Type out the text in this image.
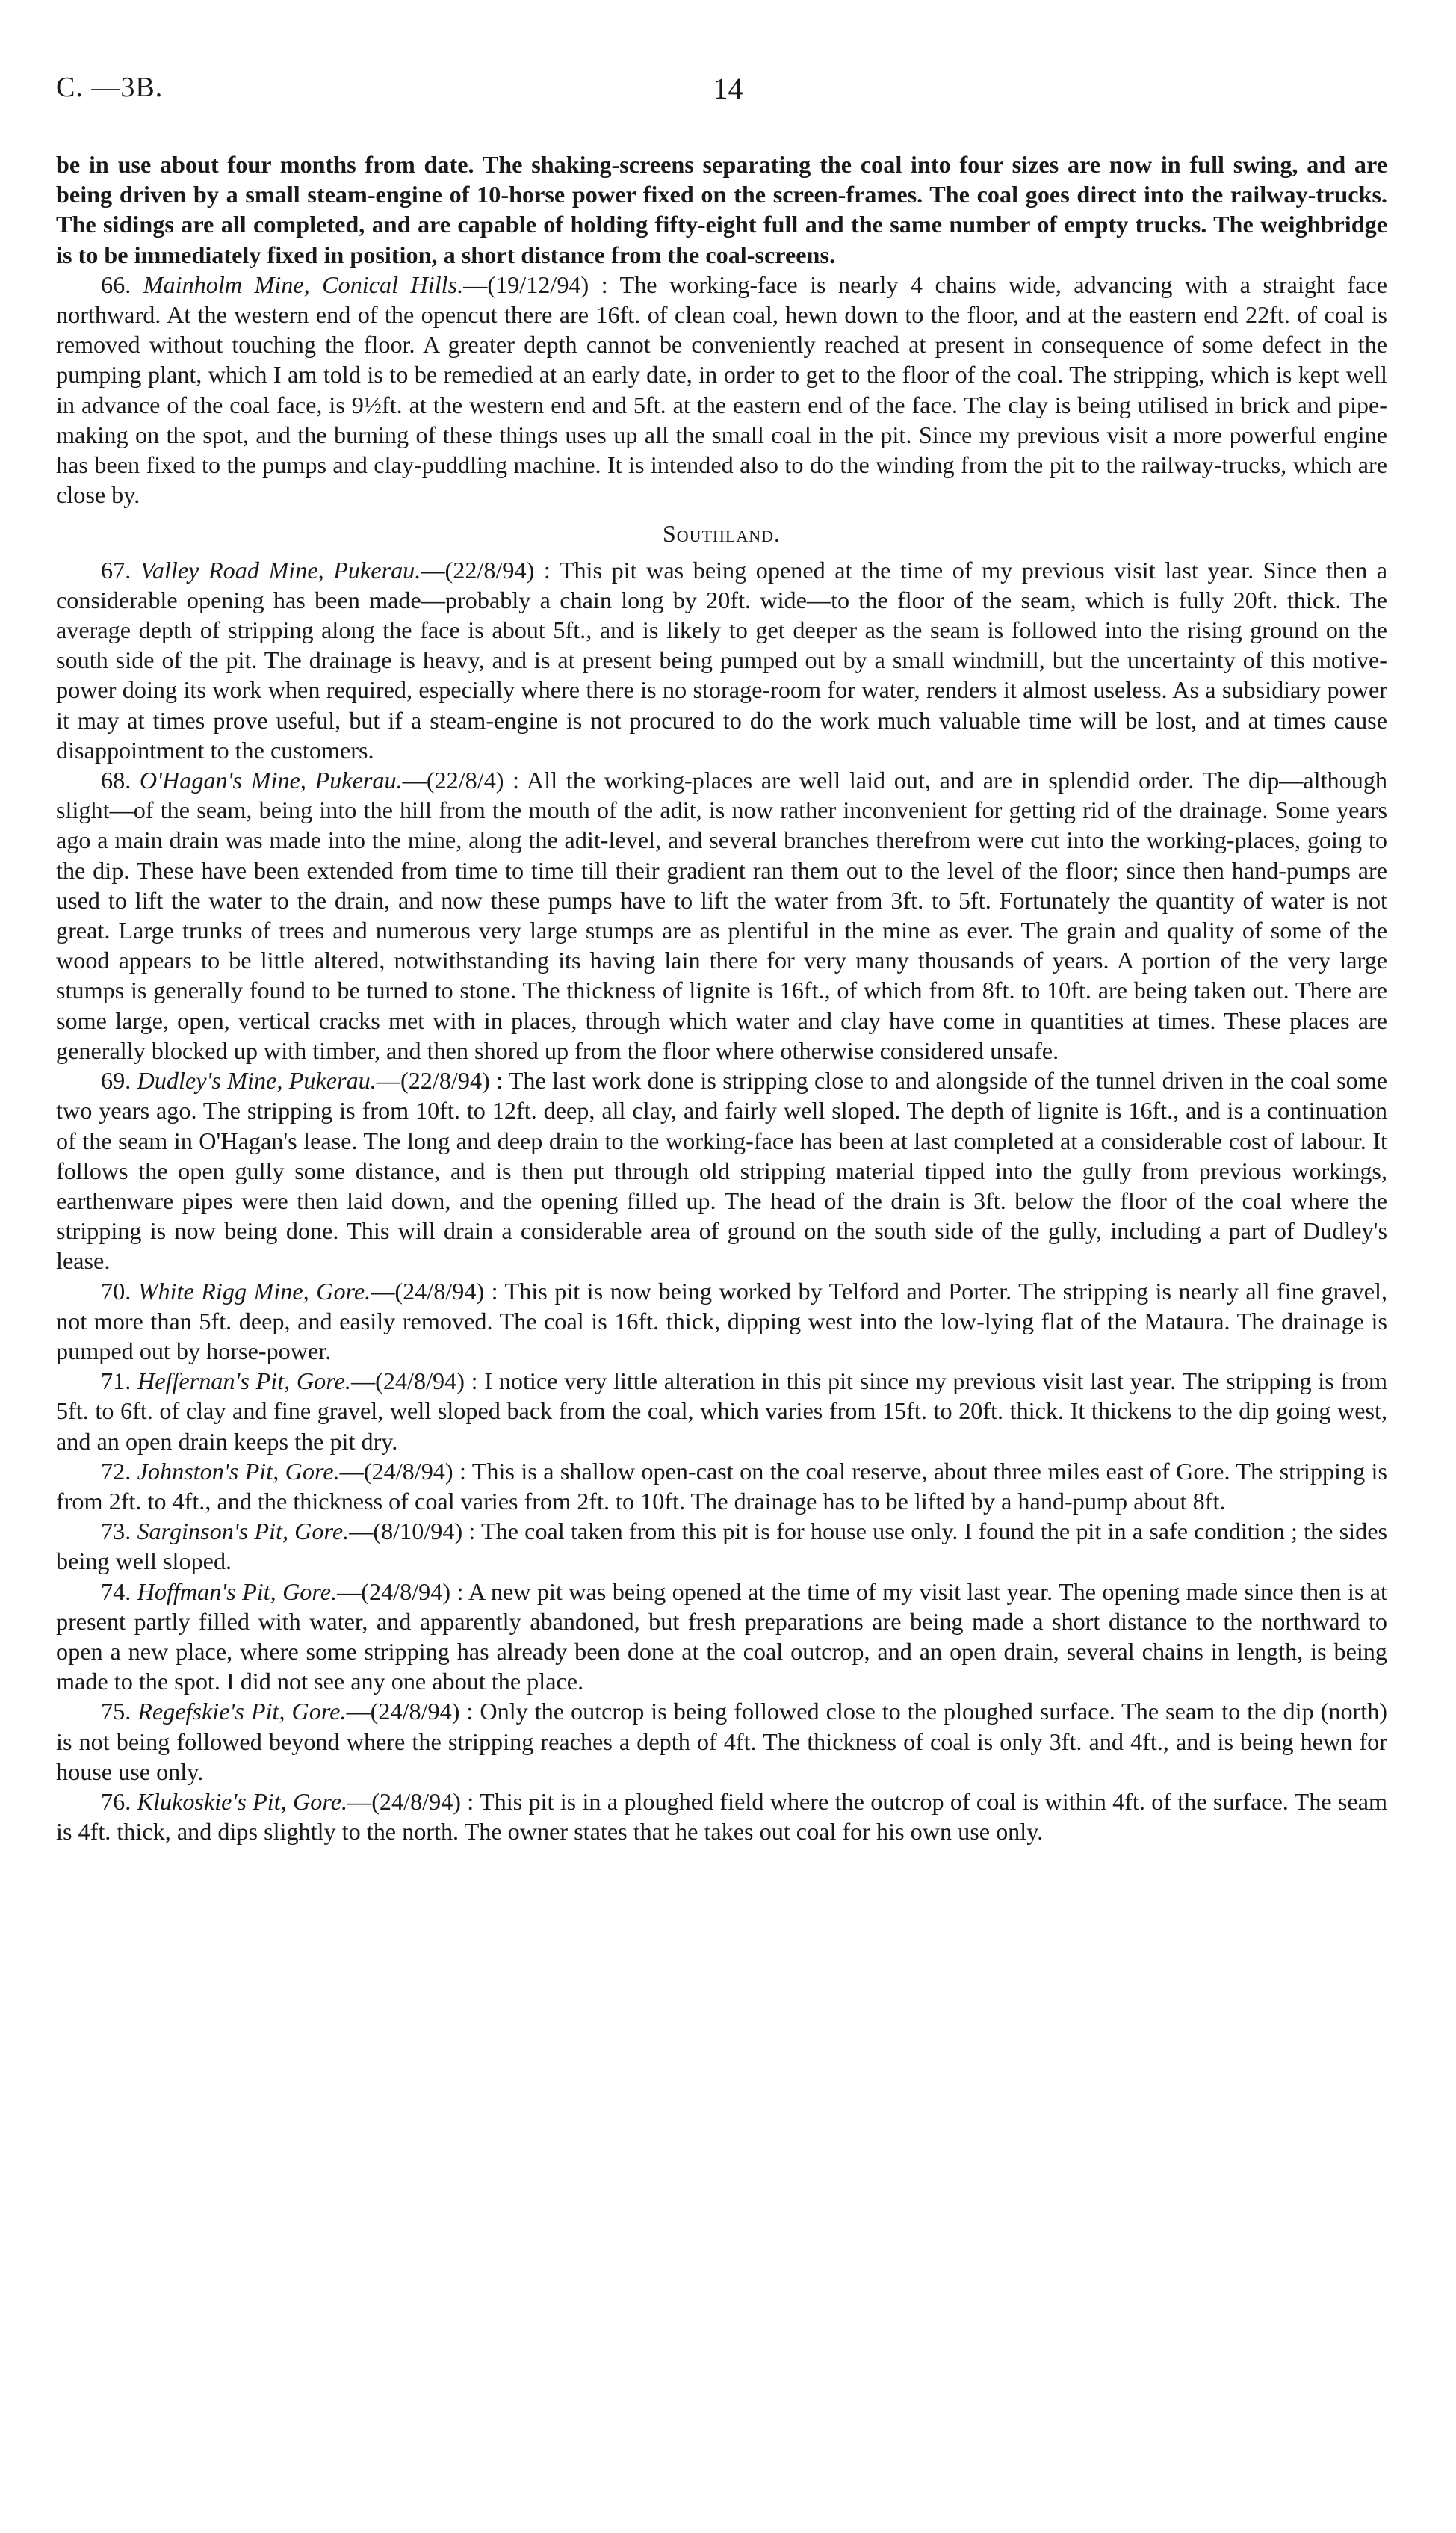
C. —3B.	14

be in use about four months from date. The shaking-screens separating the coal into four sizes are now in full swing, and are being driven by a small steam-engine of 10-horse power fixed on the screen-frames. The coal goes direct into the railway-trucks. The sidings are all completed, and are capable of holding fifty-eight full and the same number of empty trucks. The weighbridge is to be immediately fixed in position, a short distance from the coal-screens.

66. Mainholm Mine, Conical Hills.—(19/12/94) : The working-face is nearly 4 chains wide, advancing with a straight face northward. At the western end of the opencut there are 16ft. of clean coal, hewn down to the floor, and at the eastern end 22ft. of coal is removed without touching the floor. A greater depth cannot be conveniently reached at present in consequence of some defect in the pumping plant, which I am told is to be remedied at an early date, in order to get to the floor of the coal. The stripping, which is kept well in advance of the coal face, is 9½ft. at the western end and 5ft. at the eastern end of the face. The clay is being utilised in brick and pipe-making on the spot, and the burning of these things uses up all the small coal in the pit. Since my previous visit a more powerful engine has been fixed to the pumps and clay-puddling machine. It is intended also to do the winding from the pit to the railway-trucks, which are close by.

Southland.

67. Valley Road Mine, Pukerau.—(22/8/94) : This pit was being opened at the time of my previous visit last year. Since then a considerable opening has been made—probably a chain long by 20ft. wide—to the floor of the seam, which is fully 20ft. thick. The average depth of stripping along the face is about 5ft., and is likely to get deeper as the seam is followed into the rising ground on the south side of the pit. The drainage is heavy, and is at present being pumped out by a small windmill, but the uncertainty of this motive-power doing its work when required, especially where there is no storage-room for water, renders it almost useless. As a subsidiary power it may at times prove useful, but if a steam-engine is not procured to do the work much valuable time will be lost, and at times cause disappointment to the customers.

68. O'Hagan's Mine, Pukerau.—(22/8/4) : All the working-places are well laid out, and are in splendid order. The dip—although slight—of the seam, being into the hill from the mouth of the adit, is now rather inconvenient for getting rid of the drainage. Some years ago a main drain was made into the mine, along the adit-level, and several branches therefrom were cut into the working-places, going to the dip. These have been extended from time to time till their gradient ran them out to the level of the floor; since then hand-pumps are used to lift the water to the drain, and now these pumps have to lift the water from 3ft. to 5ft. Fortunately the quantity of water is not great. Large trunks of trees and numerous very large stumps are as plentiful in the mine as ever. The grain and quality of some of the wood appears to be little altered, notwithstanding its having lain there for very many thousands of years. A portion of the very large stumps is generally found to be turned to stone. The thickness of lignite is 16ft., of which from 8ft. to 10ft. are being taken out. There are some large, open, vertical cracks met with in places, through which water and clay have come in quantities at times. These places are generally blocked up with timber, and then shored up from the floor where otherwise considered unsafe.

69. Dudley's Mine, Pukerau.—(22/8/94) : The last work done is stripping close to and alongside of the tunnel driven in the coal some two years ago. The stripping is from 10ft. to 12ft. deep, all clay, and fairly well sloped. The depth of lignite is 16ft., and is a continuation of the seam in O'Hagan's lease. The long and deep drain to the working-face has been at last completed at a considerable cost of labour. It follows the open gully some distance, and is then put through old stripping material tipped into the gully from previous workings, earthenware pipes were then laid down, and the opening filled up. The head of the drain is 3ft. below the floor of the coal where the stripping is now being done. This will drain a considerable area of ground on the south side of the gully, including a part of Dudley's lease.

70. White Rigg Mine, Gore.—(24/8/94) : This pit is now being worked by Telford and Porter. The stripping is nearly all fine gravel, not more than 5ft. deep, and easily removed. The coal is 16ft. thick, dipping west into the low-lying flat of the Mataura. The drainage is pumped out by horse-power.

71. Heffernan's Pit, Gore.—(24/8/94) : I notice very little alteration in this pit since my previous visit last year. The stripping is from 5ft. to 6ft. of clay and fine gravel, well sloped back from the coal, which varies from 15ft. to 20ft. thick. It thickens to the dip going west, and an open drain keeps the pit dry.

72. Johnston's Pit, Gore.—(24/8/94) : This is a shallow open-cast on the coal reserve, about three miles east of Gore. The stripping is from 2ft. to 4ft., and the thickness of coal varies from 2ft. to 10ft. The drainage has to be lifted by a hand-pump about 8ft.

73. Sarginson's Pit, Gore.—(8/10/94) : The coal taken from this pit is for house use only. I found the pit in a safe condition ; the sides being well sloped.

74. Hoffman's Pit, Gore.—(24/8/94) : A new pit was being opened at the time of my visit last year. The opening made since then is at present partly filled with water, and apparently abandoned, but fresh preparations are being made a short distance to the northward to open a new place, where some stripping has already been done at the coal outcrop, and an open drain, several chains in length, is being made to the spot. I did not see any one about the place.

75. Regefskie's Pit, Gore.—(24/8/94) : Only the outcrop is being followed close to the ploughed surface. The seam to the dip (north) is not being followed beyond where the stripping reaches a depth of 4ft. The thickness of coal is only 3ft. and 4ft., and is being hewn for house use only.

76. Klukoskie's Pit, Gore.—(24/8/94) : This pit is in a ploughed field where the outcrop of coal is within 4ft. of the surface. The seam is 4ft. thick, and dips slightly to the north. The owner states that he takes out coal for his own use only.
